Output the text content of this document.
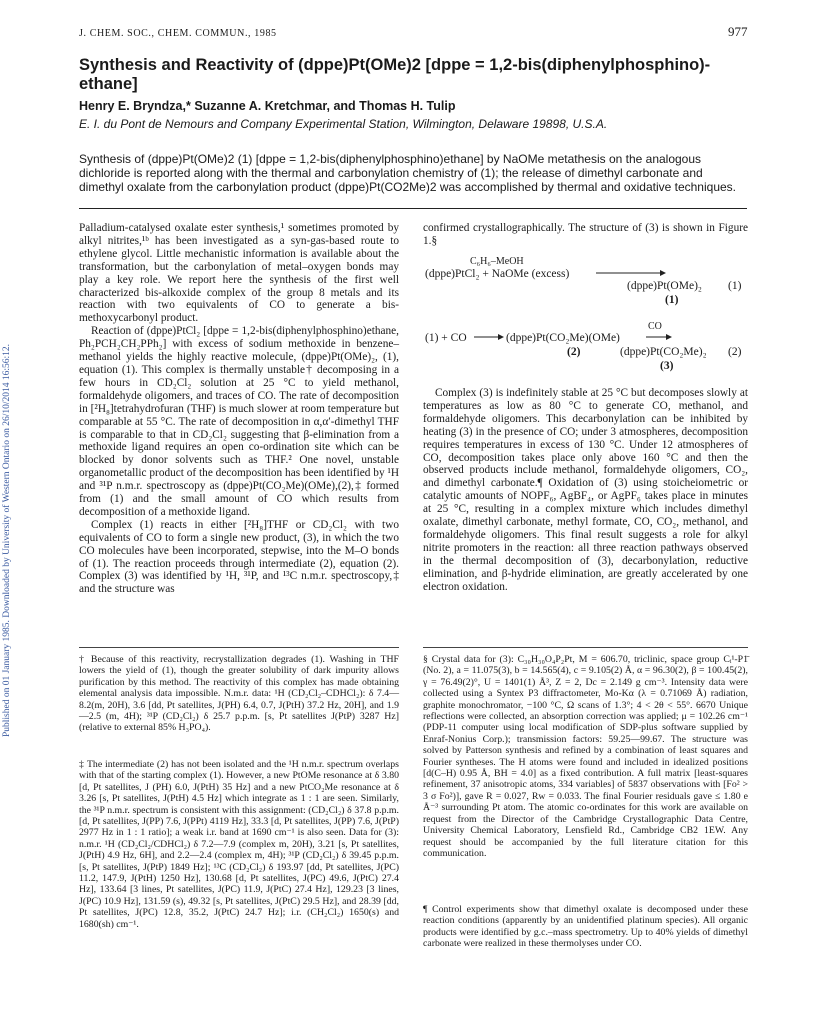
Published on 01 January 1985. Downloaded by University of Western Ontario on 26/10/2014 16:56:12.
J. CHEM. SOC., CHEM. COMMUN., 1985	977
Synthesis and Reactivity of (dppe)Pt(OMe)2 [dppe = 1,2-bis(diphenylphosphino)-ethane]
Henry E. Bryndza,* Suzanne A. Kretchmar, and Thomas H. Tulip
E. I. du Pont de Nemours and Company Experimental Station, Wilmington, Delaware 19898, U.S.A.
Synthesis of (dppe)Pt(OMe)2 (1) [dppe = 1,2-bis(diphenylphosphino)ethane] by NaOMe metathesis on the analogous dichloride is reported along with the thermal and carbonylation chemistry of (1); the release of dimethyl carbonate and dimethyl oxalate from the carbonylation product (dppe)Pt(CO2Me)2 was accomplished by thermal and oxidative techniques.

Palladium-catalysed oxalate ester synthesis,¹ sometimes promoted by alkyl nitrites,¹ᵇ has been investigated as a syn-gas-based route to ethylene glycol. Little mechanistic information is available about the transformation, but the carbonylation of metal–oxygen bonds may play a key role. We report here the synthesis of the first well characterized bis-alkoxide complex of the group 8 metals and its reaction with two equivalents of CO to generate a bis-methoxycarbonyl product.

Reaction of (dppe)PtCl₂ [dppe = 1,2-bis(diphenylphosphino)ethane, Ph₂PCH₂CH₂PPh₂] with excess of sodium methoxide in benzene–methanol yields the highly reactive molecule, (dppe)Pt(OMe)₂, (1), equation (1). This complex is thermally unstable† decomposing in a few hours in CD₂Cl₂ solution at 25 °C to yield methanol, formaldehyde oligomers, and traces of CO. The rate of decomposition in [²H₈]tetrahydrofuran (THF) is much slower at room temperature but comparable at 55 °C. The rate of decomposition in α,α′-dimethyl THF is comparable to that in CD₂Cl₂ suggesting that β-elimination from a methoxide ligand requires an open co-ordination site which can be blocked by donor solvents such as THF.² One novel, unstable organometallic product of the decomposition has been identified by ¹H and ³¹P n.m.r. spectroscopy as (dppe)Pt(CO₂Me)(OMe),(2),‡ formed from (1) and the small amount of CO which results from decomposition of a methoxide ligand.

Complex (1) reacts in either [²H₈]THF or CD₂Cl₂ with two equivalents of CO to form a single new product, (3), in which the two CO molecules have been incorporated, stepwise, into the M–O bonds of (1). The reaction proceeds through intermediate (2), equation (2). Complex (3) was identified by ¹H, ³¹P, and ¹³C n.m.r. spectroscopy,‡ and the structure was

confirmed crystallographically. The structure of (3) is shown in Figure 1.§

C₆H₆–MeOH
(dppe)PtCl₂ + NaOMe (excess)
(dppe)Pt(OMe)₂ (1)
(1)
CO
(1) + CO	(dppe)Pt(CO₂Me)(OMe)
(2)	(dppe)Pt(CO₂Me)₂ (2)
(3)
Complex (3) is indefinitely stable at 25 °C but decomposes slowly at temperatures as low as 80 °C to generate CO, methanol, and formaldehyde oligomers. This decarbonylation can be inhibited by heating (3) in the presence of CO; under 3 atmospheres, decomposition requires temperatures in excess of 130 °C. Under 12 atmospheres of CO, decomposition takes place only above 160 °C and then the observed products include methanol, formaldehyde oligomers, CO₂, and dimethyl carbonate.¶ Oxidation of (3) using stoicheiometric or catalytic amounts of NOPF₆, AgBF₄, or AgPF₆ takes place in minutes at 25 °C, resulting in a complex mixture which includes dimethyl oxalate, dimethyl carbonate, methyl formate, CO, CO₂, methanol, and formaldehyde oligomers. This final result suggests a role for alkyl nitrite promoters in the reaction: all three reaction pathways observed in the thermal decomposition of (3), decarbonylation, reductive elimination, and β-hydride elimination, are greatly accelerated by one electron oxidation.

† Because of this reactivity, recrystallization degrades (1). Washing in THF lowers the yield of (1), though the greater solubility of dark impurity allows purification by this method. The reactivity of this complex has made obtaining elemental analysis data impossible. N.m.r. data: ¹H (CD₂Cl₂–CDHCl₂): δ 7.4—8.2(m, 20H), 3.6 [dd, Pt satellites, J(PH) 6.4, 0.7, J(PtH) 37.2 Hz, 20H], and 1.9—2.5 (m, 4H); ³¹P (CD₂Cl₂) δ 25.7 p.p.m. [s, Pt satellites J(PtP) 3287 Hz] (relative to external 85% H₃PO₄).

‡ The intermediate (2) has not been isolated and the ¹H n.m.r. spectrum overlaps with that of the starting complex (1). However, a new PtOMe resonance at δ 3.80 [d, Pt satellites, J (PH) 6.0, J(PtH) 35 Hz] and a new PtCO₂Me resonance at δ 3.26 [s, Pt satellites, J(PtH) 4.5 Hz] which integrate as 1 : 1 are seen. Similarly, the ³¹P n.m.r. spectrum is consistent with this assignment: (CD₂Cl₂) δ 37.8 p.p.m. [d, Pt satellites, J(PP) 7.6, J(PPt) 4119 Hz], 33.3 [d, Pt satellites, J(PP) 7.6, J(PtP) 2977 Hz in 1 : 1 ratio]; a weak i.r. band at 1690 cm⁻¹ is also seen. Data for (3): n.m.r. ¹H (CD₂Cl₂/CDHCl₂) δ 7.2—7.9 (complex m, 20H), 3.21 [s, Pt satellites, J(PtH) 4.9 Hz, 6H], and 2.2—2.4 (complex m, 4H); ³¹P (CD₂Cl₂) δ 39.45 p.p.m. [s, Pt satellites, J(PtP) 1849 Hz]; ¹³C (CD₂Cl₂) δ 193.97 [dd, Pt satellites, J(PC) 11.2, 147.9, J(PtH) 1250 Hz], 130.68 [d, Pt satellites, J(PC) 49.6, J(PtC) 27.4 Hz], 133.64 [3 lines, Pt satellites, J(PC) 11.9, J(PtC) 27.4 Hz], 129.23 [3 lines, J(PC) 10.9 Hz], 131.59 (s), 49.32 [s, Pt satellites, J(PtC) 29.5 Hz], and 28.39 [dd, Pt satellites, J(PC) 12.8, 35.2, J(PtC) 24.7 Hz]; i.r. (CH₂Cl₂) 1650(s) and 1680(sh) cm⁻¹.

§ Crystal data for (3): C₃₀H₃₀O₄P₂Pt, M = 606.70, triclinic, space group Cᵢ¹-P1̄ (No. 2), a = 11.075(3), b = 14.565(4), c = 9.105(2) Å, α = 96.30(2), β = 100.45(2), γ = 76.49(2)°, U = 1401(1) Å³, Z = 2, Dc = 2.149 g cm⁻³. Intensity data were collected using a Syntex P3 diffractometer, Mo-Kα (λ = 0.71069 Å) radiation, graphite monochromator, −100 °C, Ω scans of 1.3°; 4 < 2θ < 55°. 6670 Unique reflections were collected, an absorption correction was applied; μ = 102.26 cm⁻¹ (PDP-11 computer using local modification of SDP-plus software supplied by Enraf-Nonius Corp.); transmission factors: 59.25—99.67. The structure was solved by Patterson synthesis and refined by a combination of least squares and Fourier syntheses. The H atoms were found and included in idealized positions [d(C–H) 0.95 Å, BH = 4.0] as a fixed contribution. A full matrix [least-squares refinement, 37 anisotropic atoms, 334 variables] of 5837 observations with [Fo² > 3 σ Fo²)], gave R = 0.027, Rw = 0.033. The final Fourier residuals gave ≤ 1.80 e Å⁻³ surrounding Pt atom. The atomic co-ordinates for this work are available on request from the Director of the Cambridge Crystallographic Data Centre, University Chemical Laboratory, Lensfield Rd., Cambridge CB2 1EW. Any request should be accompanied by the full literature citation for this communication.

¶ Control experiments show that dimethyl oxalate is decomposed under these reaction conditions (apparently by an unidentified platinum species). All organic products were identified by g.c.–mass spectrometry. Up to 40% yields of dimethyl carbonate were realized in these thermolyses under CO.
